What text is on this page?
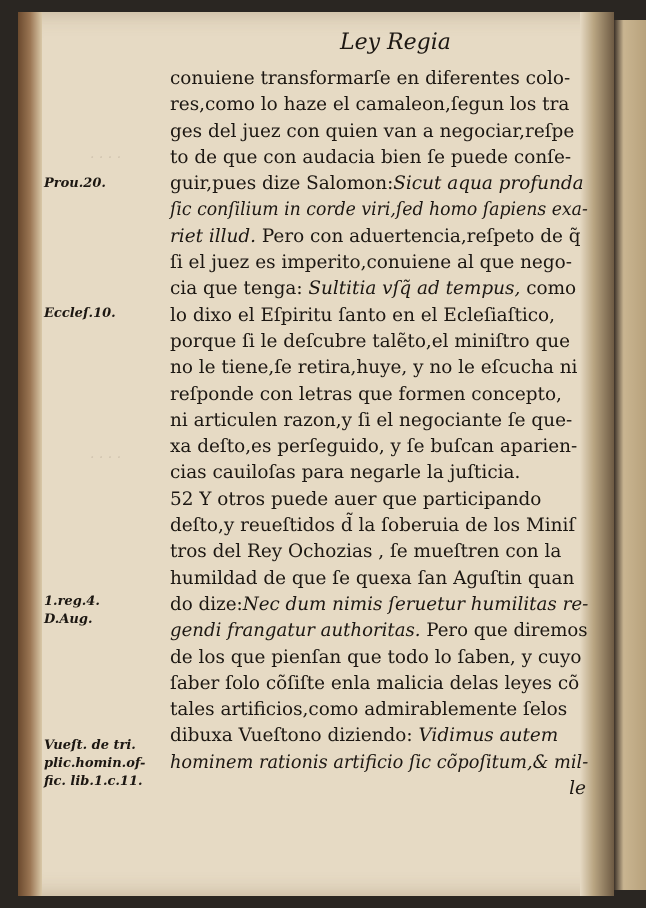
· · · ·
· · · ·
Ley Regia
conuiene transformarſe en diferentes colo-
res,como lo haze el camaleon,ſegun los tra
ges del juez con quien van a negociar,reſpe
to de que con audacia bien ſe puede conſe-
guir,pues dize Salomon:Sicut aqua profunda
ſic conſilium in corde viri,ſed homo ſapiens exa-
riet illud. Pero con aduertencia,reſpeto de q̃
ſi el juez es imperito,conuiene al que nego-
cia que tenga: Sultitia vſq̃ ad tempus, como
lo dixo el Eſpiritu ſanto en el Ecleſiaſtico,
porque ſi le deſcubre talẽto,el miniſtro que
no le tiene,ſe retira,huye, y no le eſcucha ni
reſponde con letras que formen concepto,
ni articulen razon,y ſi el negociante ſe que-
xa deſto,es perſeguido, y ſe buſcan aparien-
cias cauiloſas para negarle la juſticia.
52 Y otros puede auer que participando
deſto,y reueſtidos d̃ la ſoberuia de los Miniſ
tros del Rey Ochozias , ſe mueſtren con la
humildad de que ſe quexa ſan Aguſtin quan
do dize:Nec dum nimis ſeruetur humilitas re-
gendi frangatur authoritas. Pero que diremos
de los que pienſan que todo lo ſaben, y cuyo
ſaber ſolo cõſiſte enla malicia delas leyes cõ
tales artificios,como admirablemente ſelos
dibuxa Vueſtono diziendo: Vidimus autem
hominem rationis artificio ſic cõpoſitum,& mil-
le
Prou.20.
Eccleſ.10.
1.reg.4.
D.Aug.
Vueſt. de tri.
plic.homin.of-
fic. lib.1.c.11.
